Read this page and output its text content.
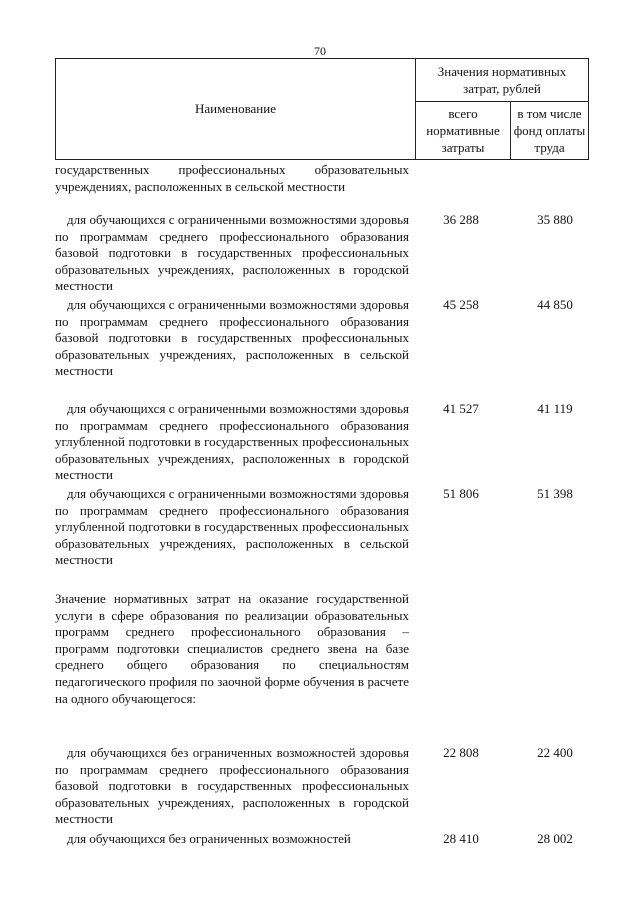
70
Наименование
Значения нормативных затрат, рублей
всего нормативные затраты
в том числе фонд оплаты труда
государственных профессиональных образовательных учреждениях, расположенных в сельской местности
для обучающихся с ограниченными возможностями здоровья по программам среднего профессионального образования базовой подготовки в государственных профессиональных образовательных учреждениях, расположенных в городской местности
36 288	35 880
для обучающихся с ограниченными возможностями здоровья по программам среднего профессионального образования базовой подготовки в государственных профессиональных образовательных учреждениях, расположенных в сельской местности
45 258	44 850
для обучающихся с ограниченными возможностями здоровья по программам среднего профессионального образования углубленной подготовки в государственных профессиональных образовательных учреждениях, расположенных в городской местности
41 527	41 119
для обучающихся с ограниченными возможностями здоровья по программам среднего профессионального образования углубленной подготовки в государственных профессиональных образовательных учреждениях, расположенных в сельской местности
51 806	51 398
Значение нормативных затрат на оказание государственной услуги в сфере образования по реализации образовательных программ среднего профессионального образования – программ подготовки специалистов среднего звена на базе среднего общего образования по специальностям педагогического профиля по заочной форме обучения в расчете на одного обучающегося:
для обучающихся без ограниченных возможностей здоровья по программам среднего профессионального образования базовой подготовки в государственных профессиональных образовательных учреждениях, расположенных в городской местности
22 808	22 400
для обучающихся без ограниченных возможностей	28 410	28 002
